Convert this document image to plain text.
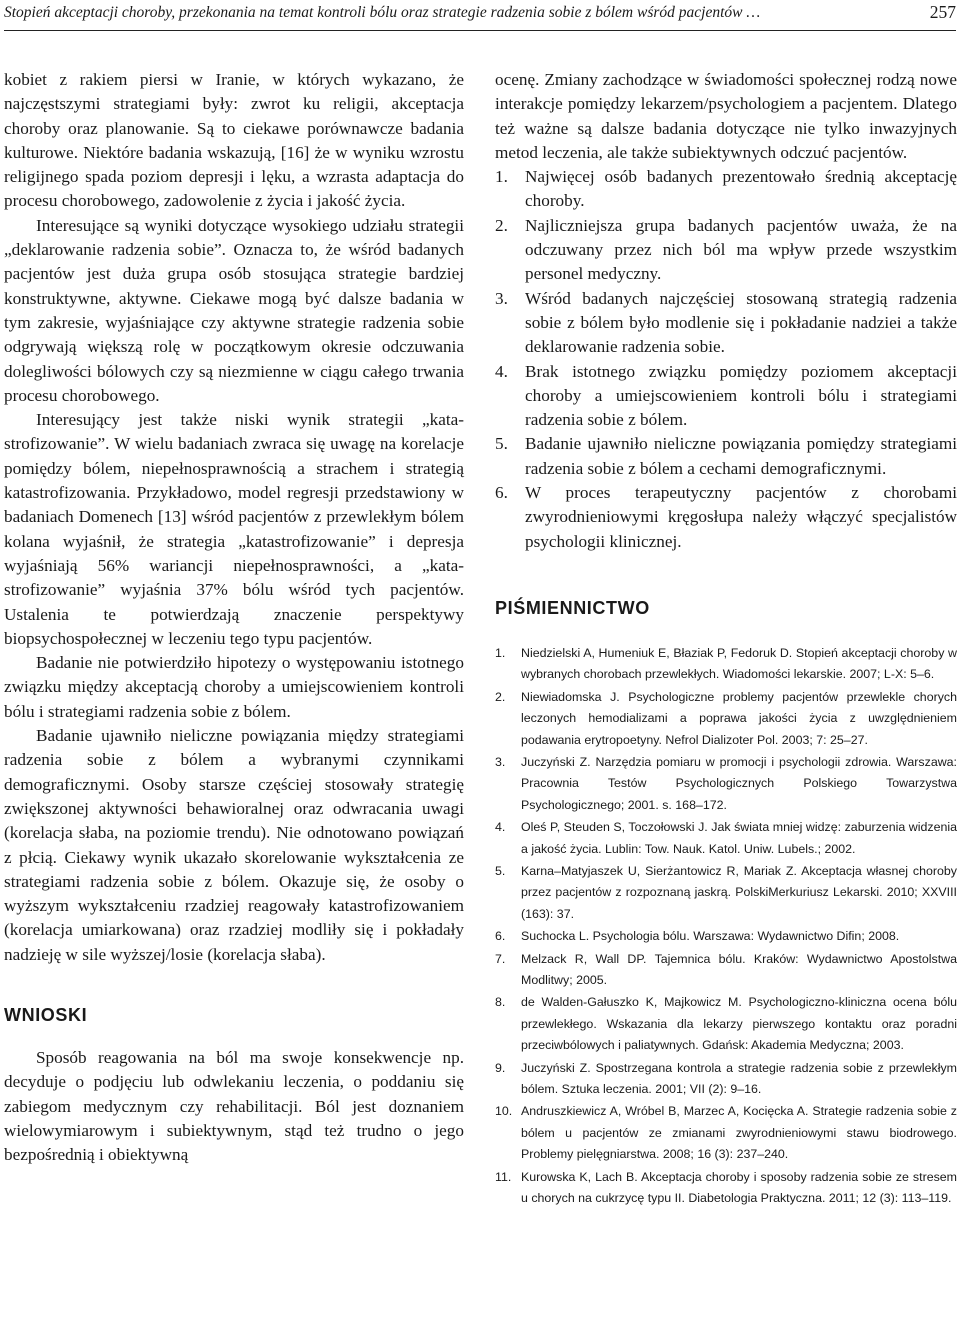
Stopień akceptacji choroby, przekonania na temat kontroli bólu oraz strategie radzenia sobie z bólem wśród pacjentów …	257

kobiet z rakiem piersi w Iranie, w których wykazano, że najczęstszymi strategiami były: zwrot ku religii, akceptacja choroby oraz planowanie. Są to ciekawe porównawcze badania kulturowe. Niektóre badania wskazują, [16] że w wyniku wzrostu religijnego spada poziom depresji i lęku, a wzrasta adaptacja do procesu chorobowego, zadowolenie z życia i jakość życia.

Interesujące są wyniki dotyczące wysokiego udziału strategii „deklarowanie radzenia sobie”. Oznacza to, że wśród badanych pacjentów jest duża grupa osób stosująca strategie bardziej konstruktywne, aktywne. Ciekawe mogą być dalsze badania w tym zakresie, wyjaśniające czy aktywne strategie radzenia sobie odgrywają większą rolę w początkowym okresie odczuwania dolegliwości bólowych czy są niezmienne w ciągu całego trwania procesu chorobowego.

Interesujący jest także niski wynik strategii „katastrofizowanie”. W wielu badaniach zwraca się uwagę na korelacje pomiędzy bólem, niepełnosprawnością a strachem i strategią katastrofizowania. Przykładowo, model regresji przedstawiony w badaniach Domenech [13] wśród pacjentów z przewlekłym bólem kolana wyjaśnił, że strategia „katastrofizowanie” i depresja wyjaśniają 56% wariancji niepełnosprawności, a „katastrofizowanie” wyjaśnia 37% bólu wśród tych pacjentów. Ustalenia te potwierdzają znaczenie perspektywy biopsychospołecznej w leczeniu tego typu pacjentów.

Badanie nie potwierdziło hipotezy o występowaniu istotnego związku między akceptacją choroby a umiejscowieniem kontroli bólu i strategiami radzenia sobie z bólem.

Badanie ujawniło nieliczne powiązania między strategiami radzenia sobie z bólem a wybranymi czynnikami demograficznymi. Osoby starsze częściej stosowały strategię zwiększonej aktywności behawioralnej oraz odwracania uwagi (korelacja słaba, na poziomie trendu). Nie odnotowano powiązań z płcią. Ciekawy wynik ukazało skorelowanie wykształcenia ze strategiami radzenia sobie z bólem. Okazuje się, że osoby o wyższym wykształceniu rzadziej reagowały katastrofizowaniem (korelacja umiarkowana) oraz rzadziej modliły się i pokładały nadzieję w sile wyższej/losie (korelacja słaba).

WNIOSKI

Sposób reagowania na ból ma swoje konsekwencje np. decyduje o podjęciu lub odwlekaniu leczenia, o poddaniu się zabiegom medycznym czy rehabilitacji. Ból jest doznaniem wielowymiarowym i subiektywnym, stąd też trudno o jego bezpośrednią i obiektywną

ocenę. Zmiany zachodzące w świadomości społecznej rodzą nowe interakcje pomiędzy lekarzem/psychologiem a pacjentem. Dlatego też ważne są dalsze badania dotyczące nie tylko inwazyjnych metod leczenia, ale także subiektywnych odczuć pacjentów.

1. Najwięcej osób badanych prezentowało średnią akceptację choroby.
2. Najliczniejsza grupa badanych pacjentów uważa, że na odczuwany przez nich ból ma wpływ przede wszystkim personel medyczny.
3. Wśród badanych najczęściej stosowaną strategią radzenia sobie z bólem było modlenie się i pokładanie nadziei a także deklarowanie radzenia sobie.
4. Brak istotnego związku pomiędzy poziomem akceptacji choroby a umiejscowieniem kontroli bólu i strategiami radzenia sobie z bólem.
5. Badanie ujawniło nieliczne powiązania pomiędzy strategiami radzenia sobie z bólem a cechami demograficznymi.
6. W proces terapeutyczny pacjentów z chorobami zwyrodnieniowymi kręgosłupa należy włączyć specjalistów psychologii klinicznej.
PIŚMIENNICTWO
1. Niedzielski A, Humeniuk E, Błaziak P, Fedoruk D. Stopień akceptacji choroby w wybranych chorobach przewlekłych. Wiadomości lekarskie. 2007; L-X: 5–6.
2. Niewiadomska J. Psychologiczne problemy pacjentów przewlekle chorych leczonych hemodializami a poprawa jakości życia z uwzględnieniem podawania erytropoetyny. Nefrol Dializoter Pol. 2003; 7: 25–27.
3. Juczyński Z. Narzędzia pomiaru w promocji i psychologii zdrowia. Warszawa: Pracownia Testów Psychologicznych Polskiego Towarzystwa Psychologicznego; 2001. s. 168–172.
4. Oleś P, Steuden S, Toczołowski J. Jak świata mniej widzę: zaburzenia widzenia a jakość życia. Lublin: Tow. Nauk. Katol. Uniw. Lubels.; 2002.
5. Karna–Matyjaszek U, Sierżantowicz R, Mariak Z. Akceptacja własnej choroby przez pacjentów z rozpoznaną jaskrą. PolskiMerkuriusz Lekarski. 2010; XXVIII (163): 37.
6. Suchocka L. Psychologia bólu. Warszawa: Wydawnictwo Difin; 2008.
7. Melzack R, Wall DP. Tajemnica bólu. Kraków: Wydawnictwo Apostolstwa Modlitwy; 2005.
8. de Walden-Gałuszko K, Majkowicz M. Psychologiczno-kliniczna ocena bólu przewlekłego. Wskazania dla lekarzy pierwszego kontaktu oraz poradni przeciwbólowych i paliatywnych. Gdańsk: Akademia Medyczna; 2003.
9. Juczyński Z. Spostrzegana kontrola a strategie radzenia sobie z przewlekłym bólem. Sztuka leczenia. 2001; VII (2): 9–16.
10. Andruszkiewicz A, Wróbel B, Marzec A, Kocięcka A. Strategie radzenia sobie z bólem u pacjentów ze zmianami zwyrodnieniowymi stawu biodrowego. Problemy pielęgniarstwa. 2008; 16 (3): 237–240.
11. Kurowska K, Lach B. Akceptacja choroby i sposoby radzenia sobie ze stresem u chorych na cukrzycę typu II. Diabetologia Praktyczna. 2011; 12 (3): 113–119.
